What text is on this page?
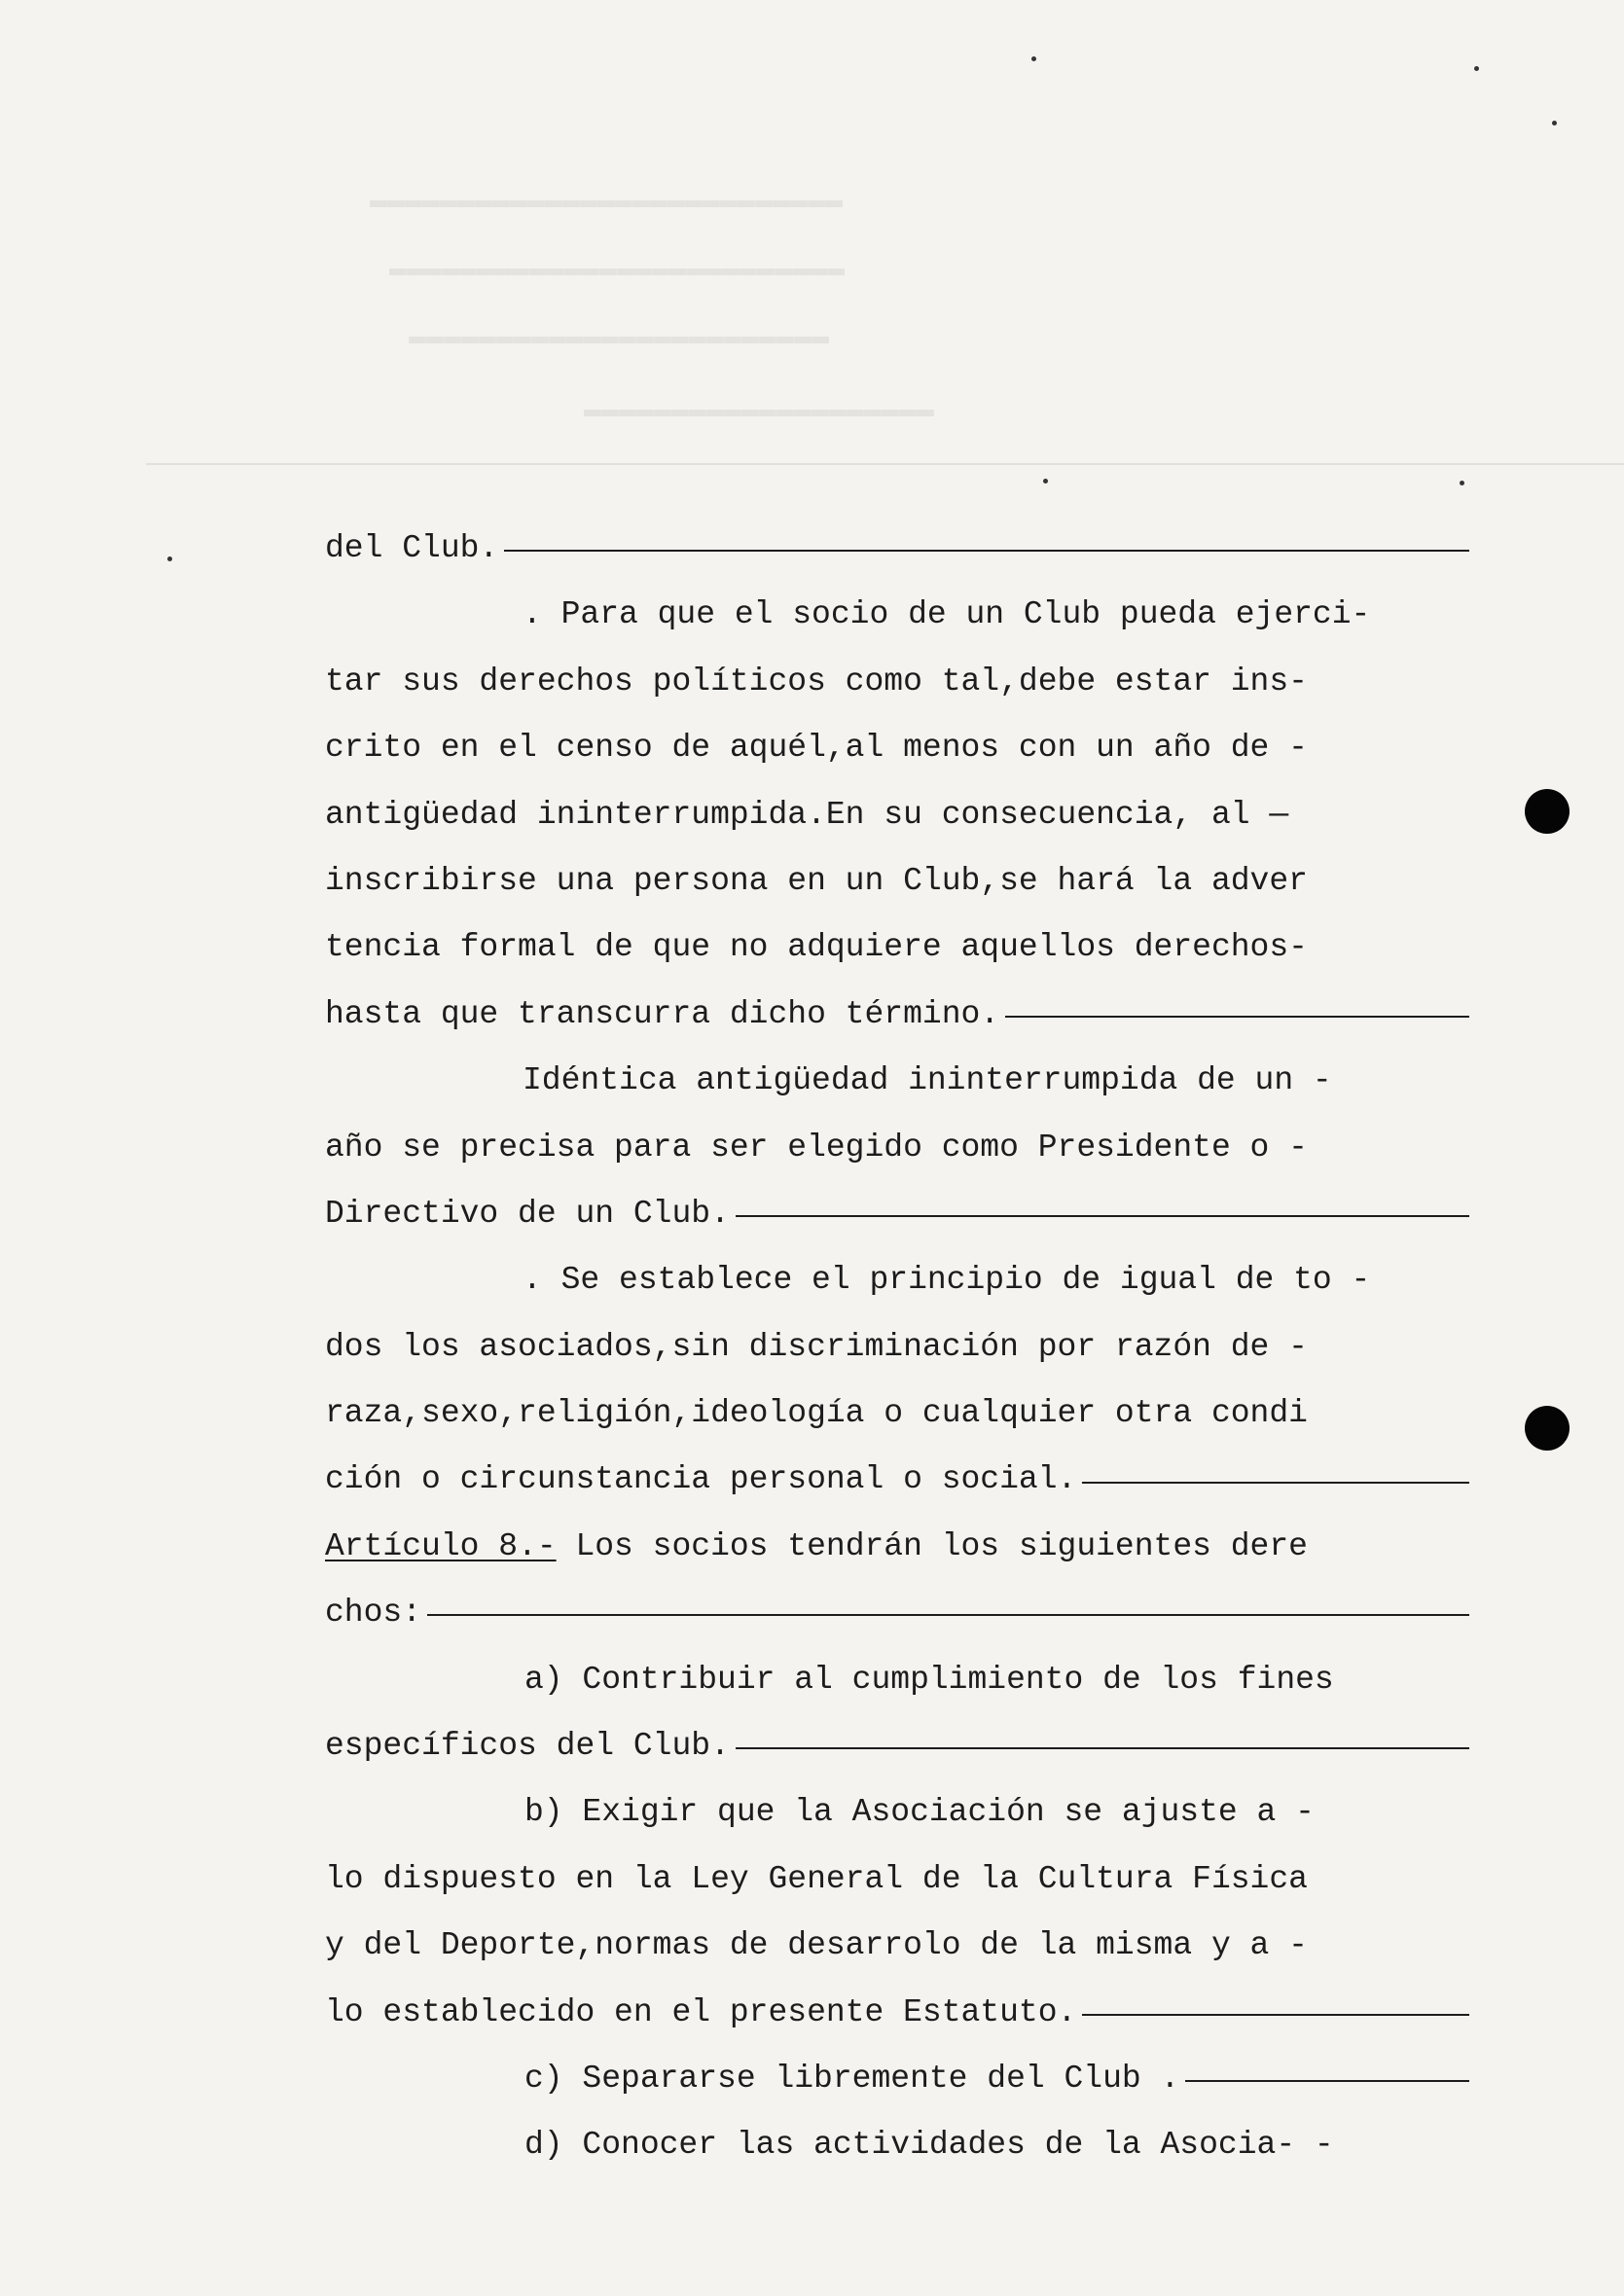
▬▬▬▬▬▬▬▬▬▬▬▬▬▬▬▬▬▬▬▬▬▬▬▬▬▬▬
▬▬▬▬▬▬▬▬▬▬▬▬▬▬▬▬▬▬▬▬▬▬▬▬▬▬
▬▬▬▬▬▬▬▬▬▬▬▬▬▬▬▬▬▬▬▬▬▬▬▬
▬▬▬▬▬▬▬▬▬▬▬▬▬▬▬▬▬▬▬▬
del Club.
. Para que el socio de un Club pueda ejerci-
tar sus derechos políticos como tal,debe estar ins-
crito en el censo de aquél,al menos con un año de -
antigüedad ininterrumpida.En su consecuencia, al —
inscribirse una persona en un Club,se hará la adver
tencia formal de que no adquiere aquellos derechos-
hasta que transcurra dicho término.
Idéntica antigüedad ininterrumpida de un -
año se precisa para ser elegido como Presidente o -
Directivo de un Club.
. Se establece el principio de igual de to -
dos los asociados,sin discriminación por razón de -
raza,sexo,religión,ideología o cualquier otra condi
ción o circunstancia personal o social.
Artículo 8.- Los socios tendrán los siguientes dere
chos:
a) Contribuir al cumplimiento de los fines
específicos del Club.
b) Exigir que la Asociación se ajuste a -
lo dispuesto en la Ley General de la Cultura Física
y del Deporte,normas de desarrolo de la misma y a -
lo establecido en el presente Estatuto.
c) Separarse libremente del Club .
d) Conocer las actividades de la Asocia- -
